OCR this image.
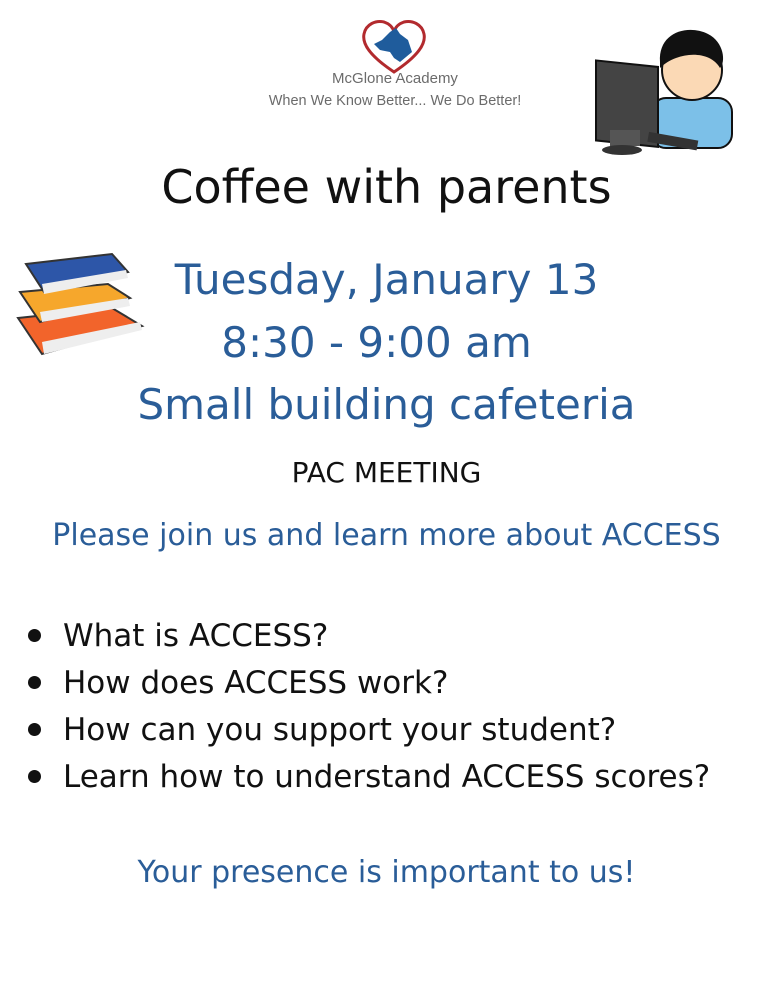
McGlone Academy
When We Know Better... We Do Better!
Coffee with parents
Tuesday, January 13
8:30 - 9:00 am
Small building cafeteria
PAC MEETING
Please join us and learn more about ACCESS
What is ACCESS?
How does ACCESS work?
How can you support your student?
Learn how to understand ACCESS scores?
Your presence is important to us!
